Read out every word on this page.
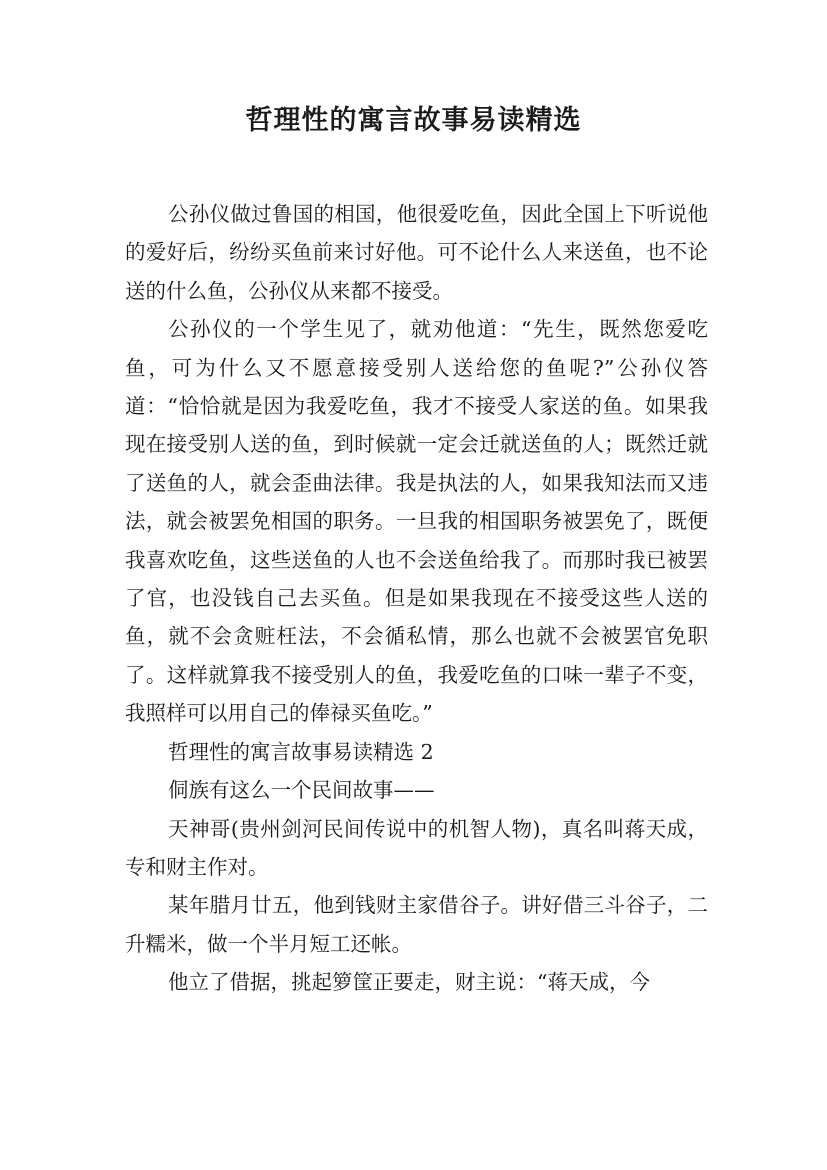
哲理性的寓言故事易读精选

公孙仪做过鲁国的相国，他很爱吃鱼，因此全国上下听说他的爱好后，纷纷买鱼前来讨好他。可不论什么人来送鱼，也不论送的什么鱼，公孙仪从来都不接受。

公孙仪的一个学生见了，就劝他道：“先生，既然您爱吃鱼，可为什么又不愿意接受别人送给您的鱼呢?”公孙仪答道：“恰恰就是因为我爱吃鱼，我才不接受人家送的鱼。如果我现在接受别人送的鱼，到时候就一定会迁就送鱼的人；既然迁就了送鱼的人，就会歪曲法律。我是执法的人，如果我知法而又违法，就会被罢免相国的职务。一旦我的相国职务被罢免了，既便我喜欢吃鱼，这些送鱼的人也不会送鱼给我了。而那时我已被罢了官，也没钱自己去买鱼。但是如果我现在不接受这些人送的鱼，就不会贪赃枉法，不会循私情，那么也就不会被罢官免职了。这样就算我不接受别人的鱼，我爱吃鱼的口味一辈子不变，我照样可以用自己的俸禄买鱼吃。”

哲理性的寓言故事易读精选 2

侗族有这么一个民间故事——

天神哥(贵州剑河民间传说中的机智人物)，真名叫蒋天成，专和财主作对。

某年腊月廿五，他到钱财主家借谷子。讲好借三斗谷子，二升糯米，做一个半月短工还帐。

他立了借据，挑起箩筐正要走，财主说：“蒋天成，今
